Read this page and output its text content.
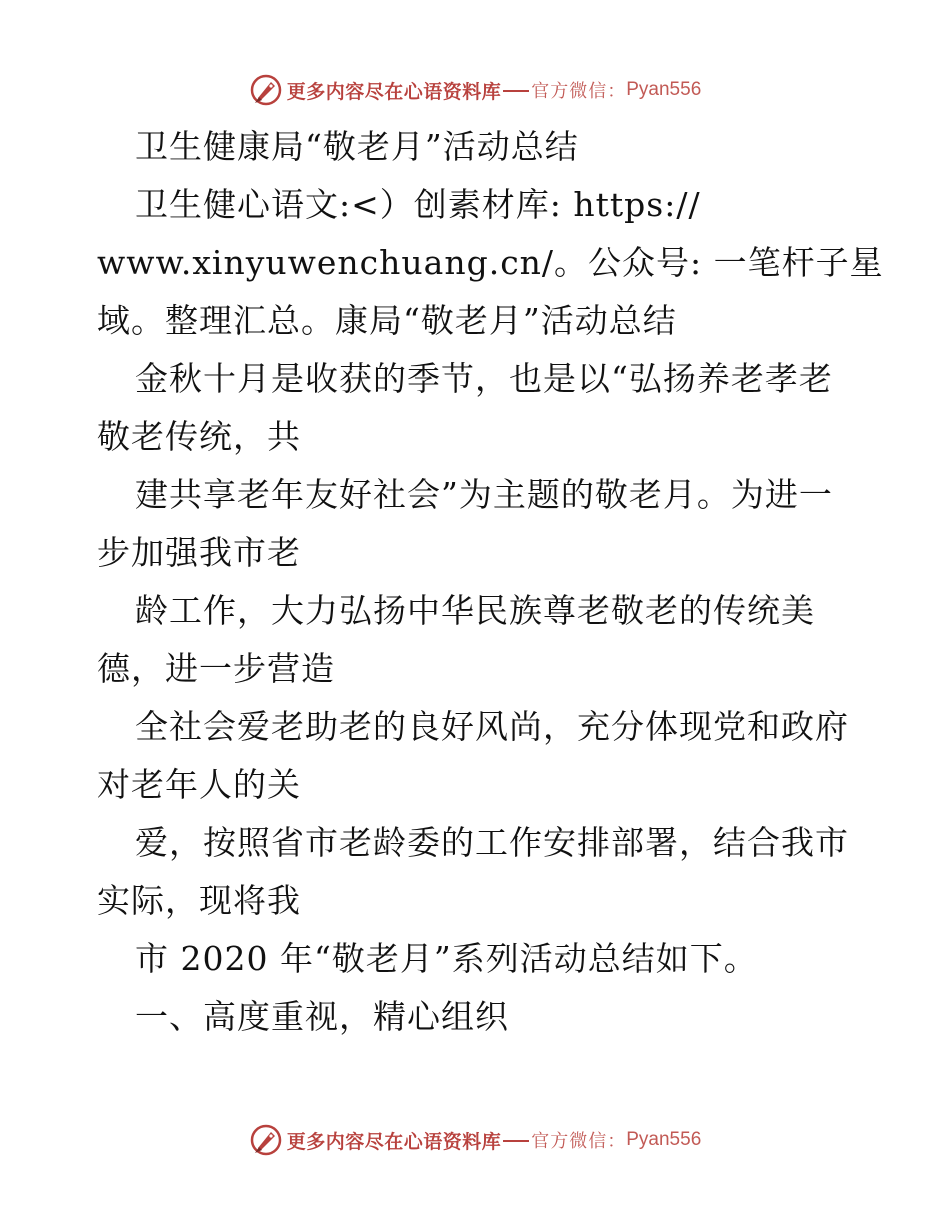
更多内容尽在心语资料库 官方微信： Pyan556
卫生健康局“敬老月”活动总结
卫生健心语文:<）创素材库: https://
www.xinyuwenchuang.cn/。公众号: 一笔杆子星
域。整理汇总。康局“敬老月”活动总结
金秋十月是收获的季节，也是以“弘扬养老孝老
敬老传统，共
建共享老年友好社会”为主题的敬老月。为进一
步加强我市老
龄工作，大力弘扬中华民族尊老敬老的传统美
德，进一步营造
全社会爱老助老的良好风尚，充分体现党和政府
对老年人的关
爱，按照省市老龄委的工作安排部署，结合我市
实际，现将我
市 2020 年“敬老月”系列活动总结如下。
一、高度重视，精心组织
更多内容尽在心语资料库 官方微信： Pyan556
